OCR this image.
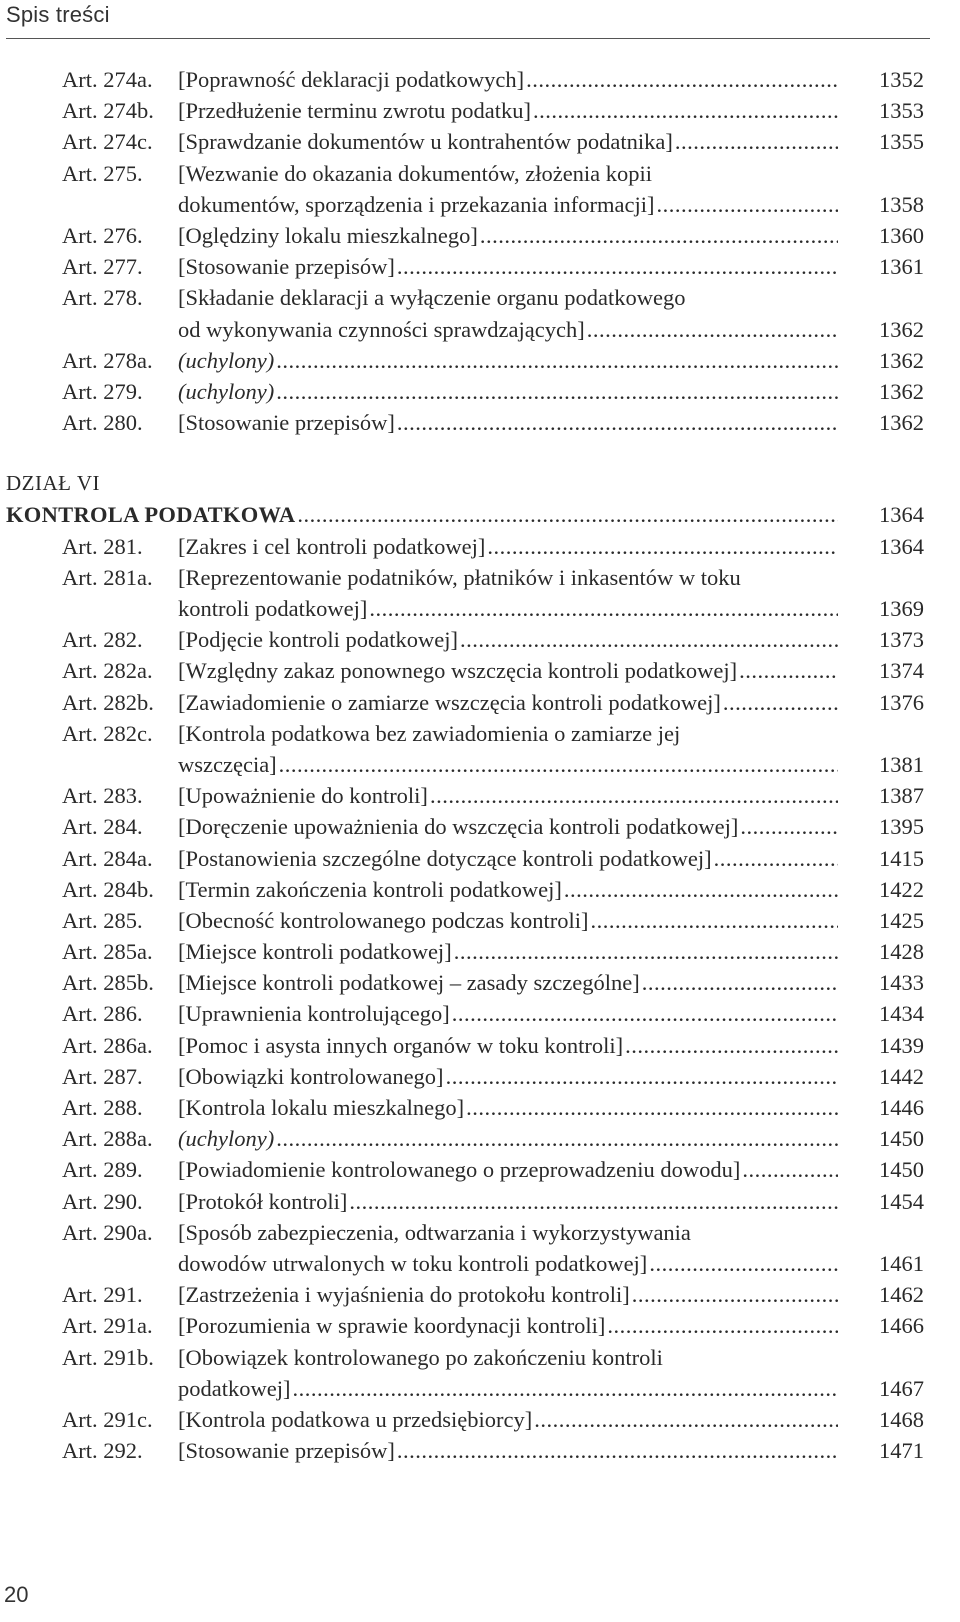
Spis treści
Art. 274a. [Poprawność deklaracji podatkowych] .....	1352
Art. 274b. [Przedłużenie terminu zwrotu podatku] .....	1353
Art. 274c. [Sprawdzanie dokumentów u kontrahentów podatnika] .....	1355
Art. 275. [Wezwanie do okazania dokumentów, złożenia kopii
dokumentów, sporządzenia i przekazania informacji] .....	1358
Art. 276. [Oględziny lokalu mieszkalnego] .....	1360
Art. 277. [Stosowanie przepisów] .....	1361
Art. 278. [Składanie deklaracji a wyłączenie organu podatkowego
od wykonywania czynności sprawdzających] .....	1362
Art. 278a. (uchylony) .....	1362
Art. 279. (uchylony) .....	1362
Art. 280. [Stosowanie przepisów] .....	1362
DZIAŁ VI
KONTROLA PODATKOWA .....	1364
Art. 281. [Zakres i cel kontroli podatkowej] .....	1364
Art. 281a. [Reprezentowanie podatników, płatników i inkasentów w toku
kontroli podatkowej] .....	1369
Art. 282. [Podjęcie kontroli podatkowej] .....	1373
Art. 282a. [Względny zakaz ponownego wszczęcia kontroli podatkowej] .....	1374
Art. 282b. [Zawiadomienie o zamiarze wszczęcia kontroli podatkowej] .....	1376
Art. 282c. [Kontrola podatkowa bez zawiadomienia o zamiarze jej
wszczęcia] .....	1381
Art. 283. [Upoważnienie do kontroli] .....	1387
Art. 284. [Doręczenie upoważnienia do wszczęcia kontroli podatkowej] .....	1395
Art. 284a. [Postanowienia szczególne dotyczące kontroli podatkowej] .....	1415
Art. 284b. [Termin zakończenia kontroli podatkowej] .....	1422
Art. 285. [Obecność kontrolowanego podczas kontroli] .....	1425
Art. 285a. [Miejsce kontroli podatkowej] .....	1428
Art. 285b. [Miejsce kontroli podatkowej – zasady szczególne] .....	1433
Art. 286. [Uprawnienia kontrolującego] .....	1434
Art. 286a. [Pomoc i asysta innych organów w toku kontroli] .....	1439
Art. 287. [Obowiązki kontrolowanego] .....	1442
Art. 288. [Kontrola lokalu mieszkalnego] .....	1446
Art. 288a. (uchylony) .....	1450
Art. 289. [Powiadomienie kontrolowanego o przeprowadzeniu dowodu] .....	1450
Art. 290. [Protokół kontroli] .....	1454
Art. 290a. [Sposób zabezpieczenia, odtwarzania i wykorzystywania
dowodów utrwalonych w toku kontroli podatkowej] .....	1461
Art. 291. [Zastrzeżenia i wyjaśnienia do protokołu kontroli] .....	1462
Art. 291a. [Porozumienia w sprawie koordynacji kontroli] .....	1466
Art. 291b. [Obowiązek kontrolowanego po zakończeniu kontroli
podatkowej] .....	1467
Art. 291c. [Kontrola podatkowa u przedsiębiorcy] .....	1468
Art. 292. [Stosowanie przepisów] .....	1471
20
